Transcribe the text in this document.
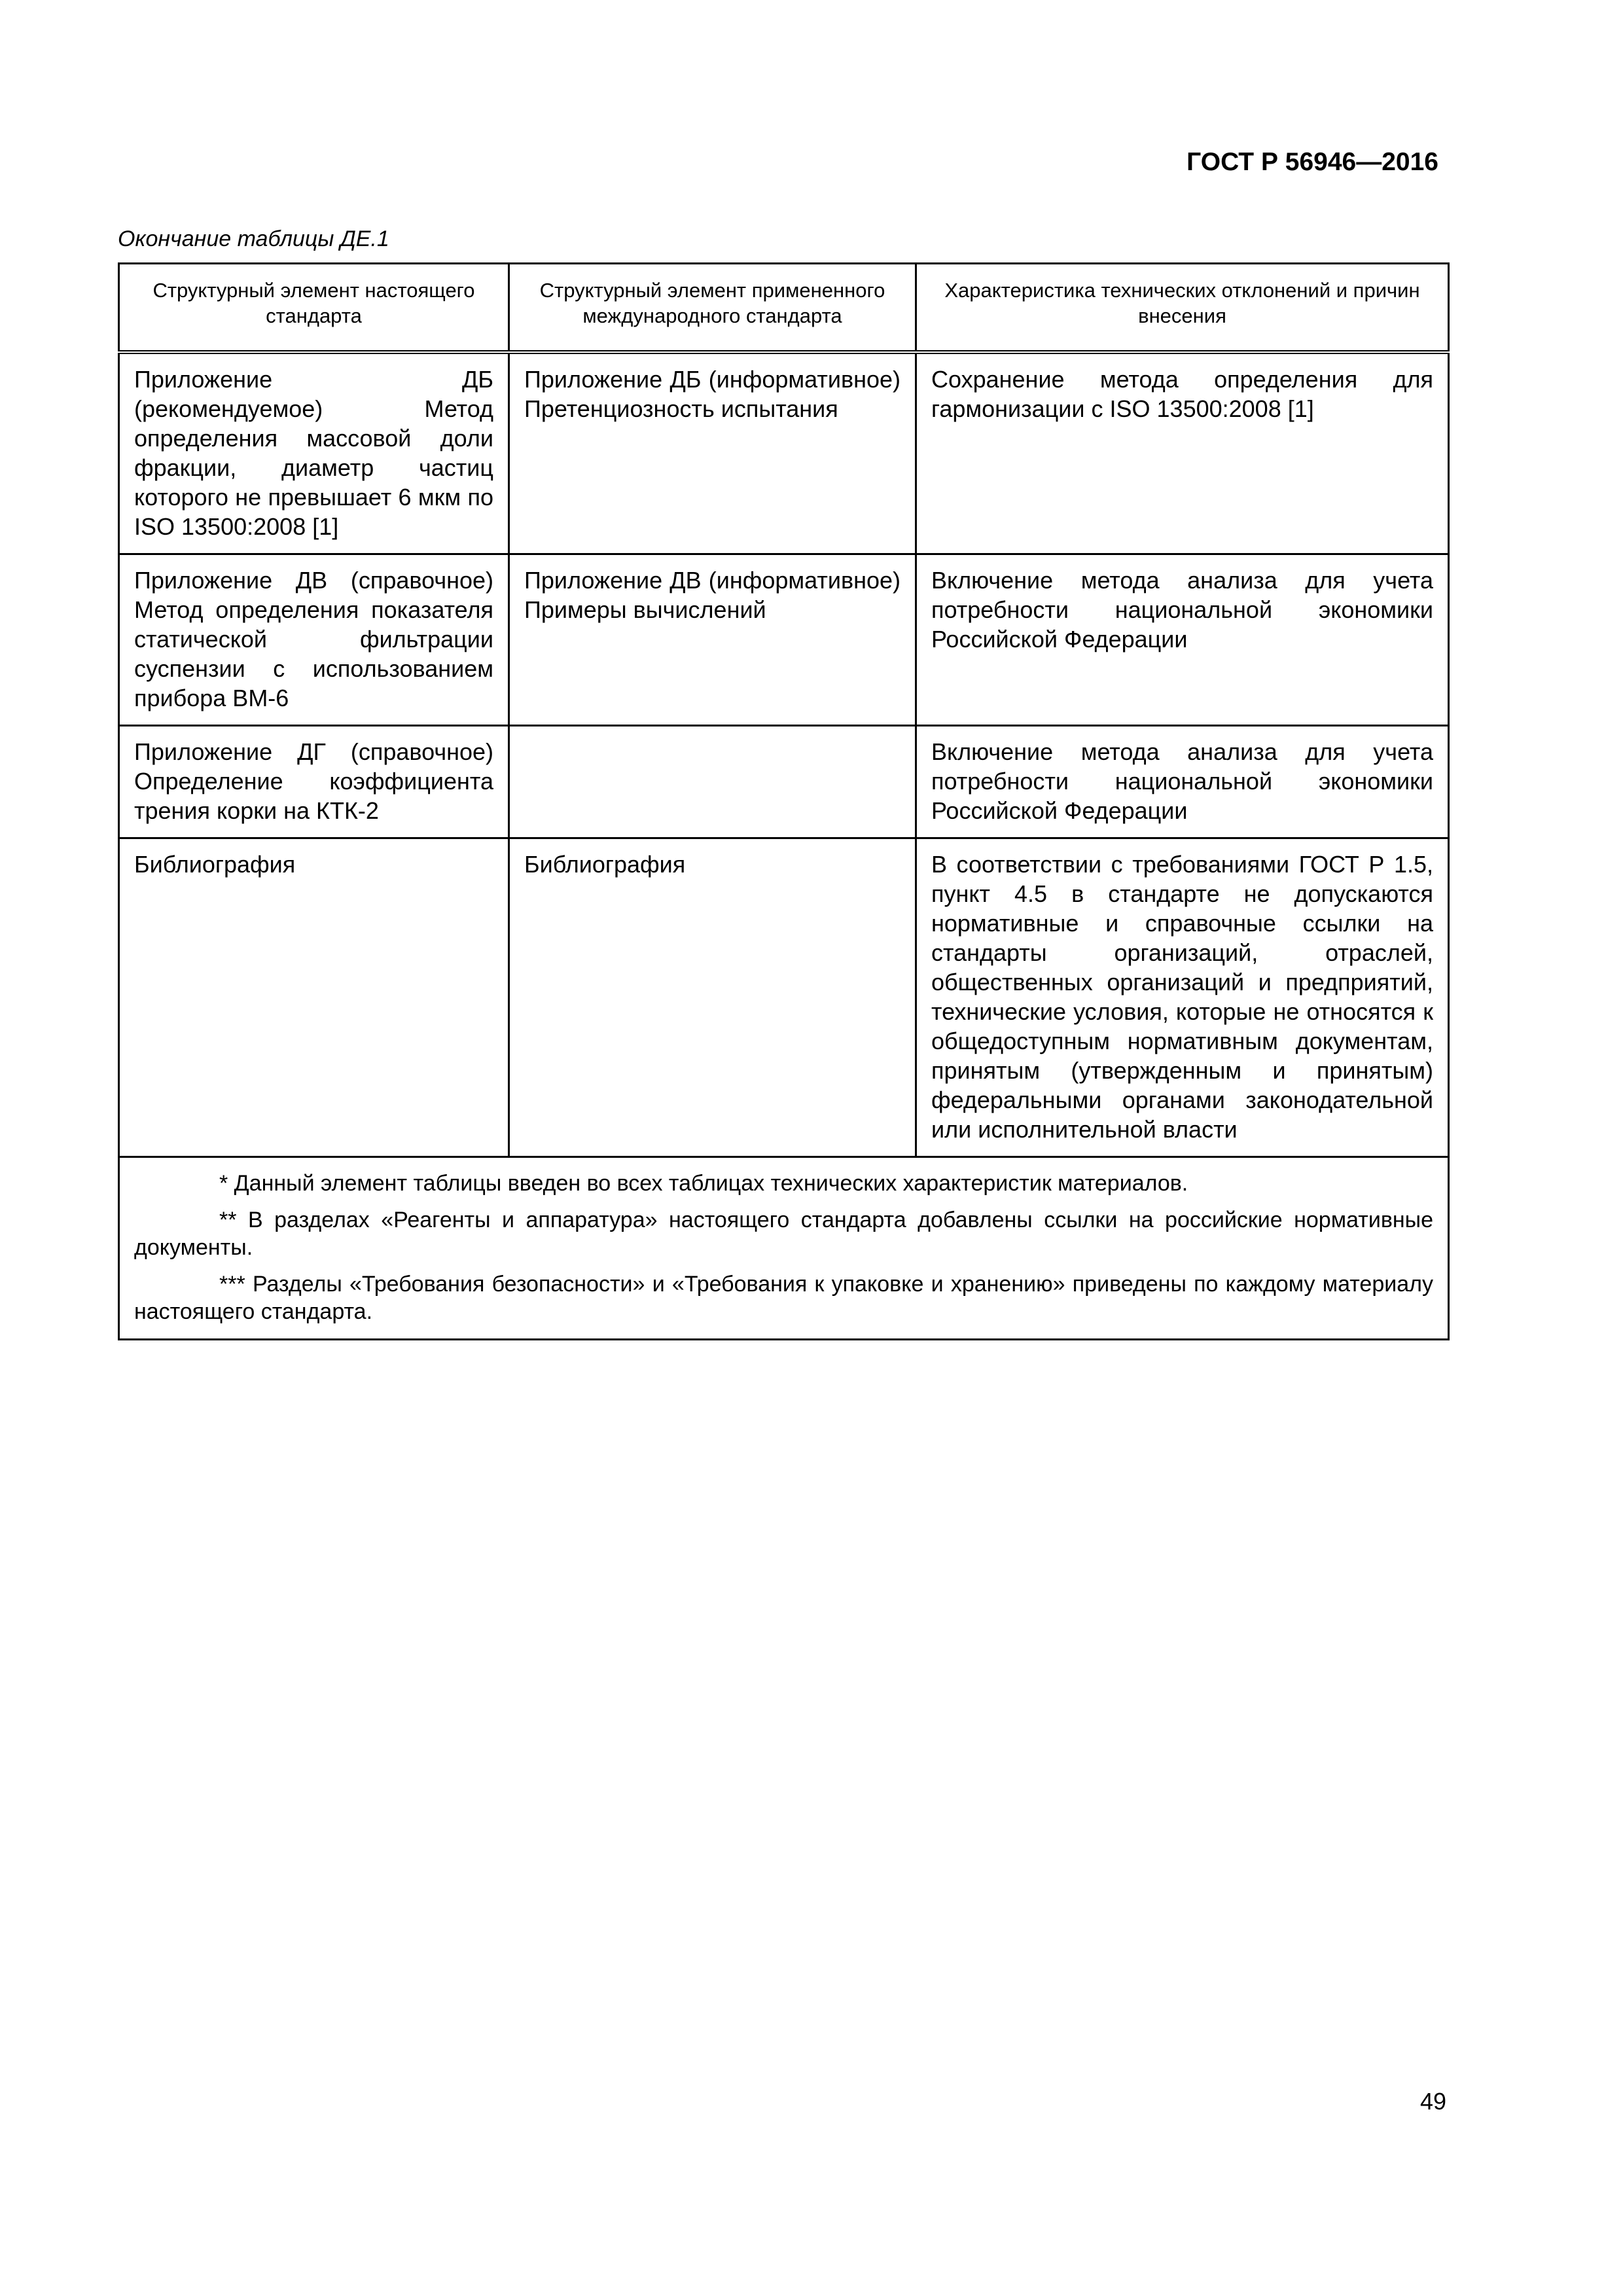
ГОСТ Р 56946—2016
Окончание таблицы ДЕ.1
Структурный элемент настоящего стандарта	Структурный элемент примененного международного стандарта	Характеристика технических отклонений и причин внесения
Приложение ДБ (рекомендуемое) Метод определения массовой доли фракции, диаметр частиц которого не превышает 6 мкм по ISO 13500:2008 [1]	Приложение ДБ (информативное) Претенциозность испытания	Сохранение метода определения для гармонизации с ISO 13500:2008 [1]
Приложение ДВ (справочное) Метод определения показателя статической фильтрации суспензии с использованием прибора ВМ-6	Приложение ДВ (информативное) Примеры вычислений	Включение метода анализа для учета потребности национальной экономики Российской Федерации
Приложение ДГ (справочное) Определение коэффициента трения корки на КТК-2		Включение метода анализа для учета потребности национальной экономики Российской Федерации
Библиография	Библиография	В соответствии с требованиями ГОСТ Р 1.5, пункт 4.5 в стандарте не допускаются нормативные и справочные ссылки на стандарты организаций, отраслей, общественных организаций и предприятий, технические условия, которые не относятся к общедоступным нормативным документам, принятым (утвержденным и принятым) федеральными органами законодательной или исполнительной власти

* Данный элемент таблицы введен во всех таблицах технических характеристик материалов.

** В разделах «Реагенты и аппаратура» настоящего стандарта добавлены ссылки на российские нормативные документы.

*** Разделы «Требования безопасности» и «Требования к упаковке и хранению» приведены по каждому материалу настоящего стандарта.		

49
